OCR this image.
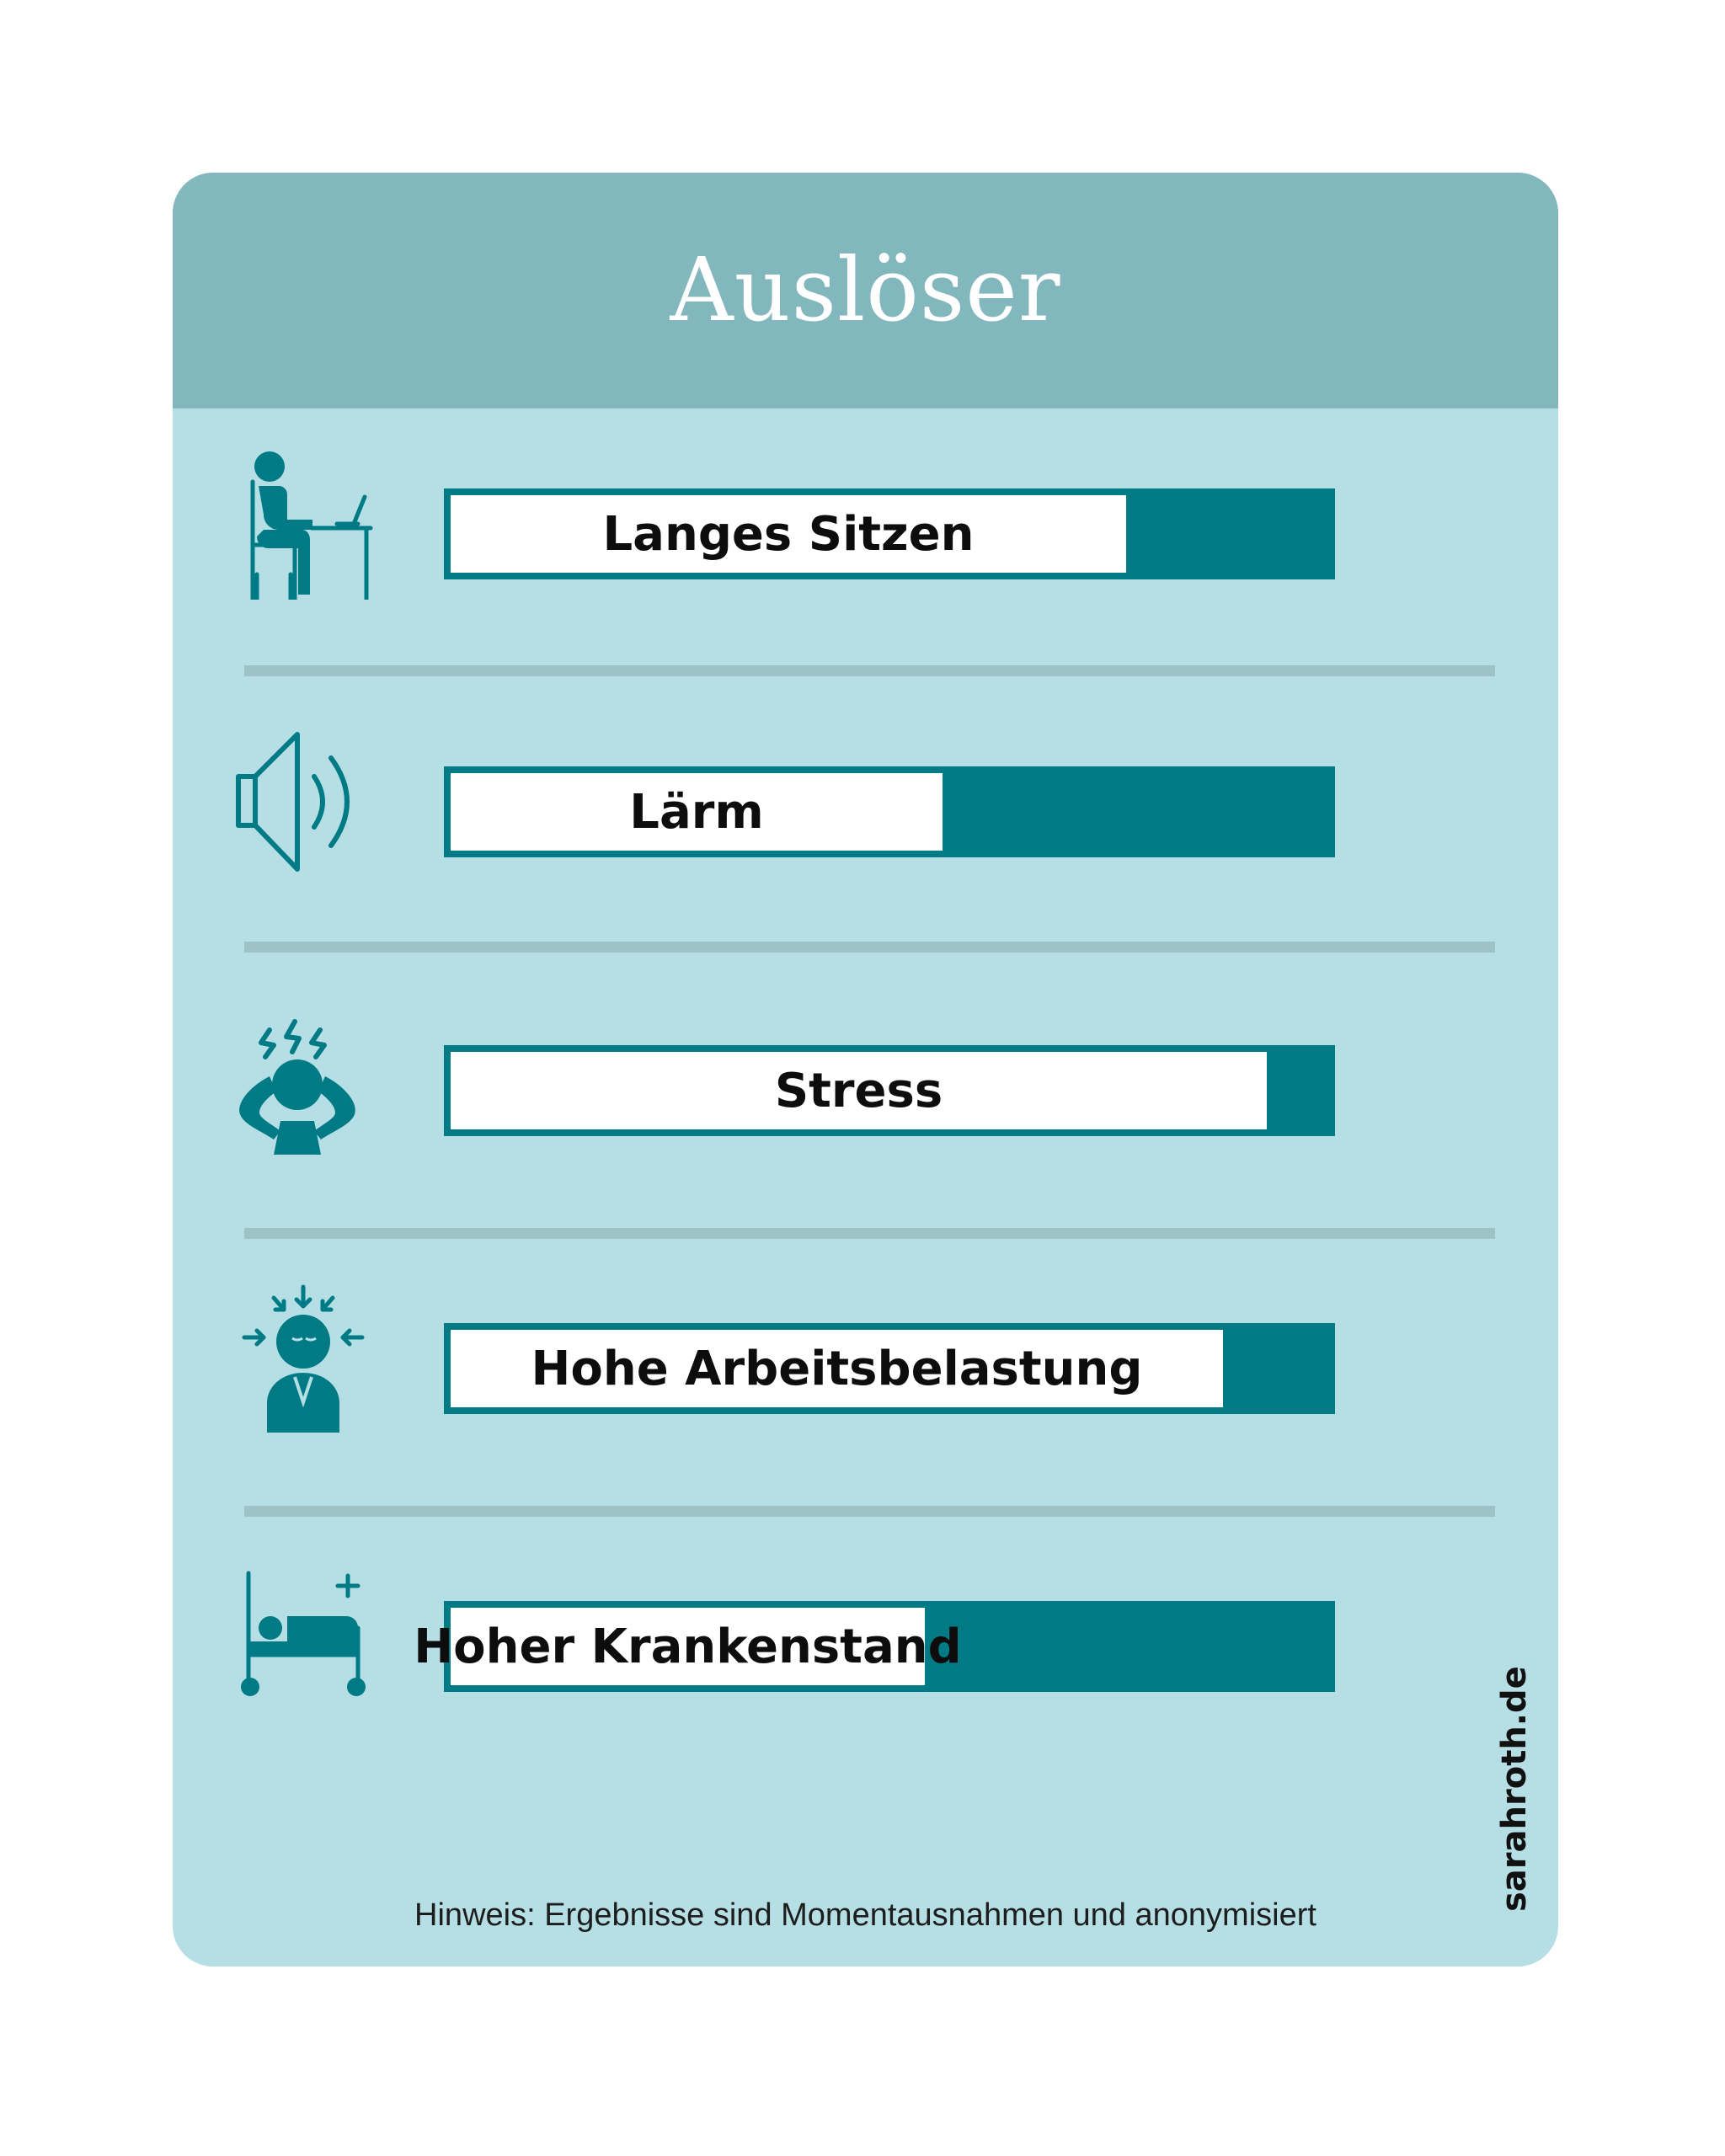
Auslöser
Langes Sitzen
Lärm
Stress
Hohe Arbeitsbelastung
Hoher Krankenstand
Hinweis: Ergebnisse sind Momentausnahmen und anonymisiert
sarahroth.de
